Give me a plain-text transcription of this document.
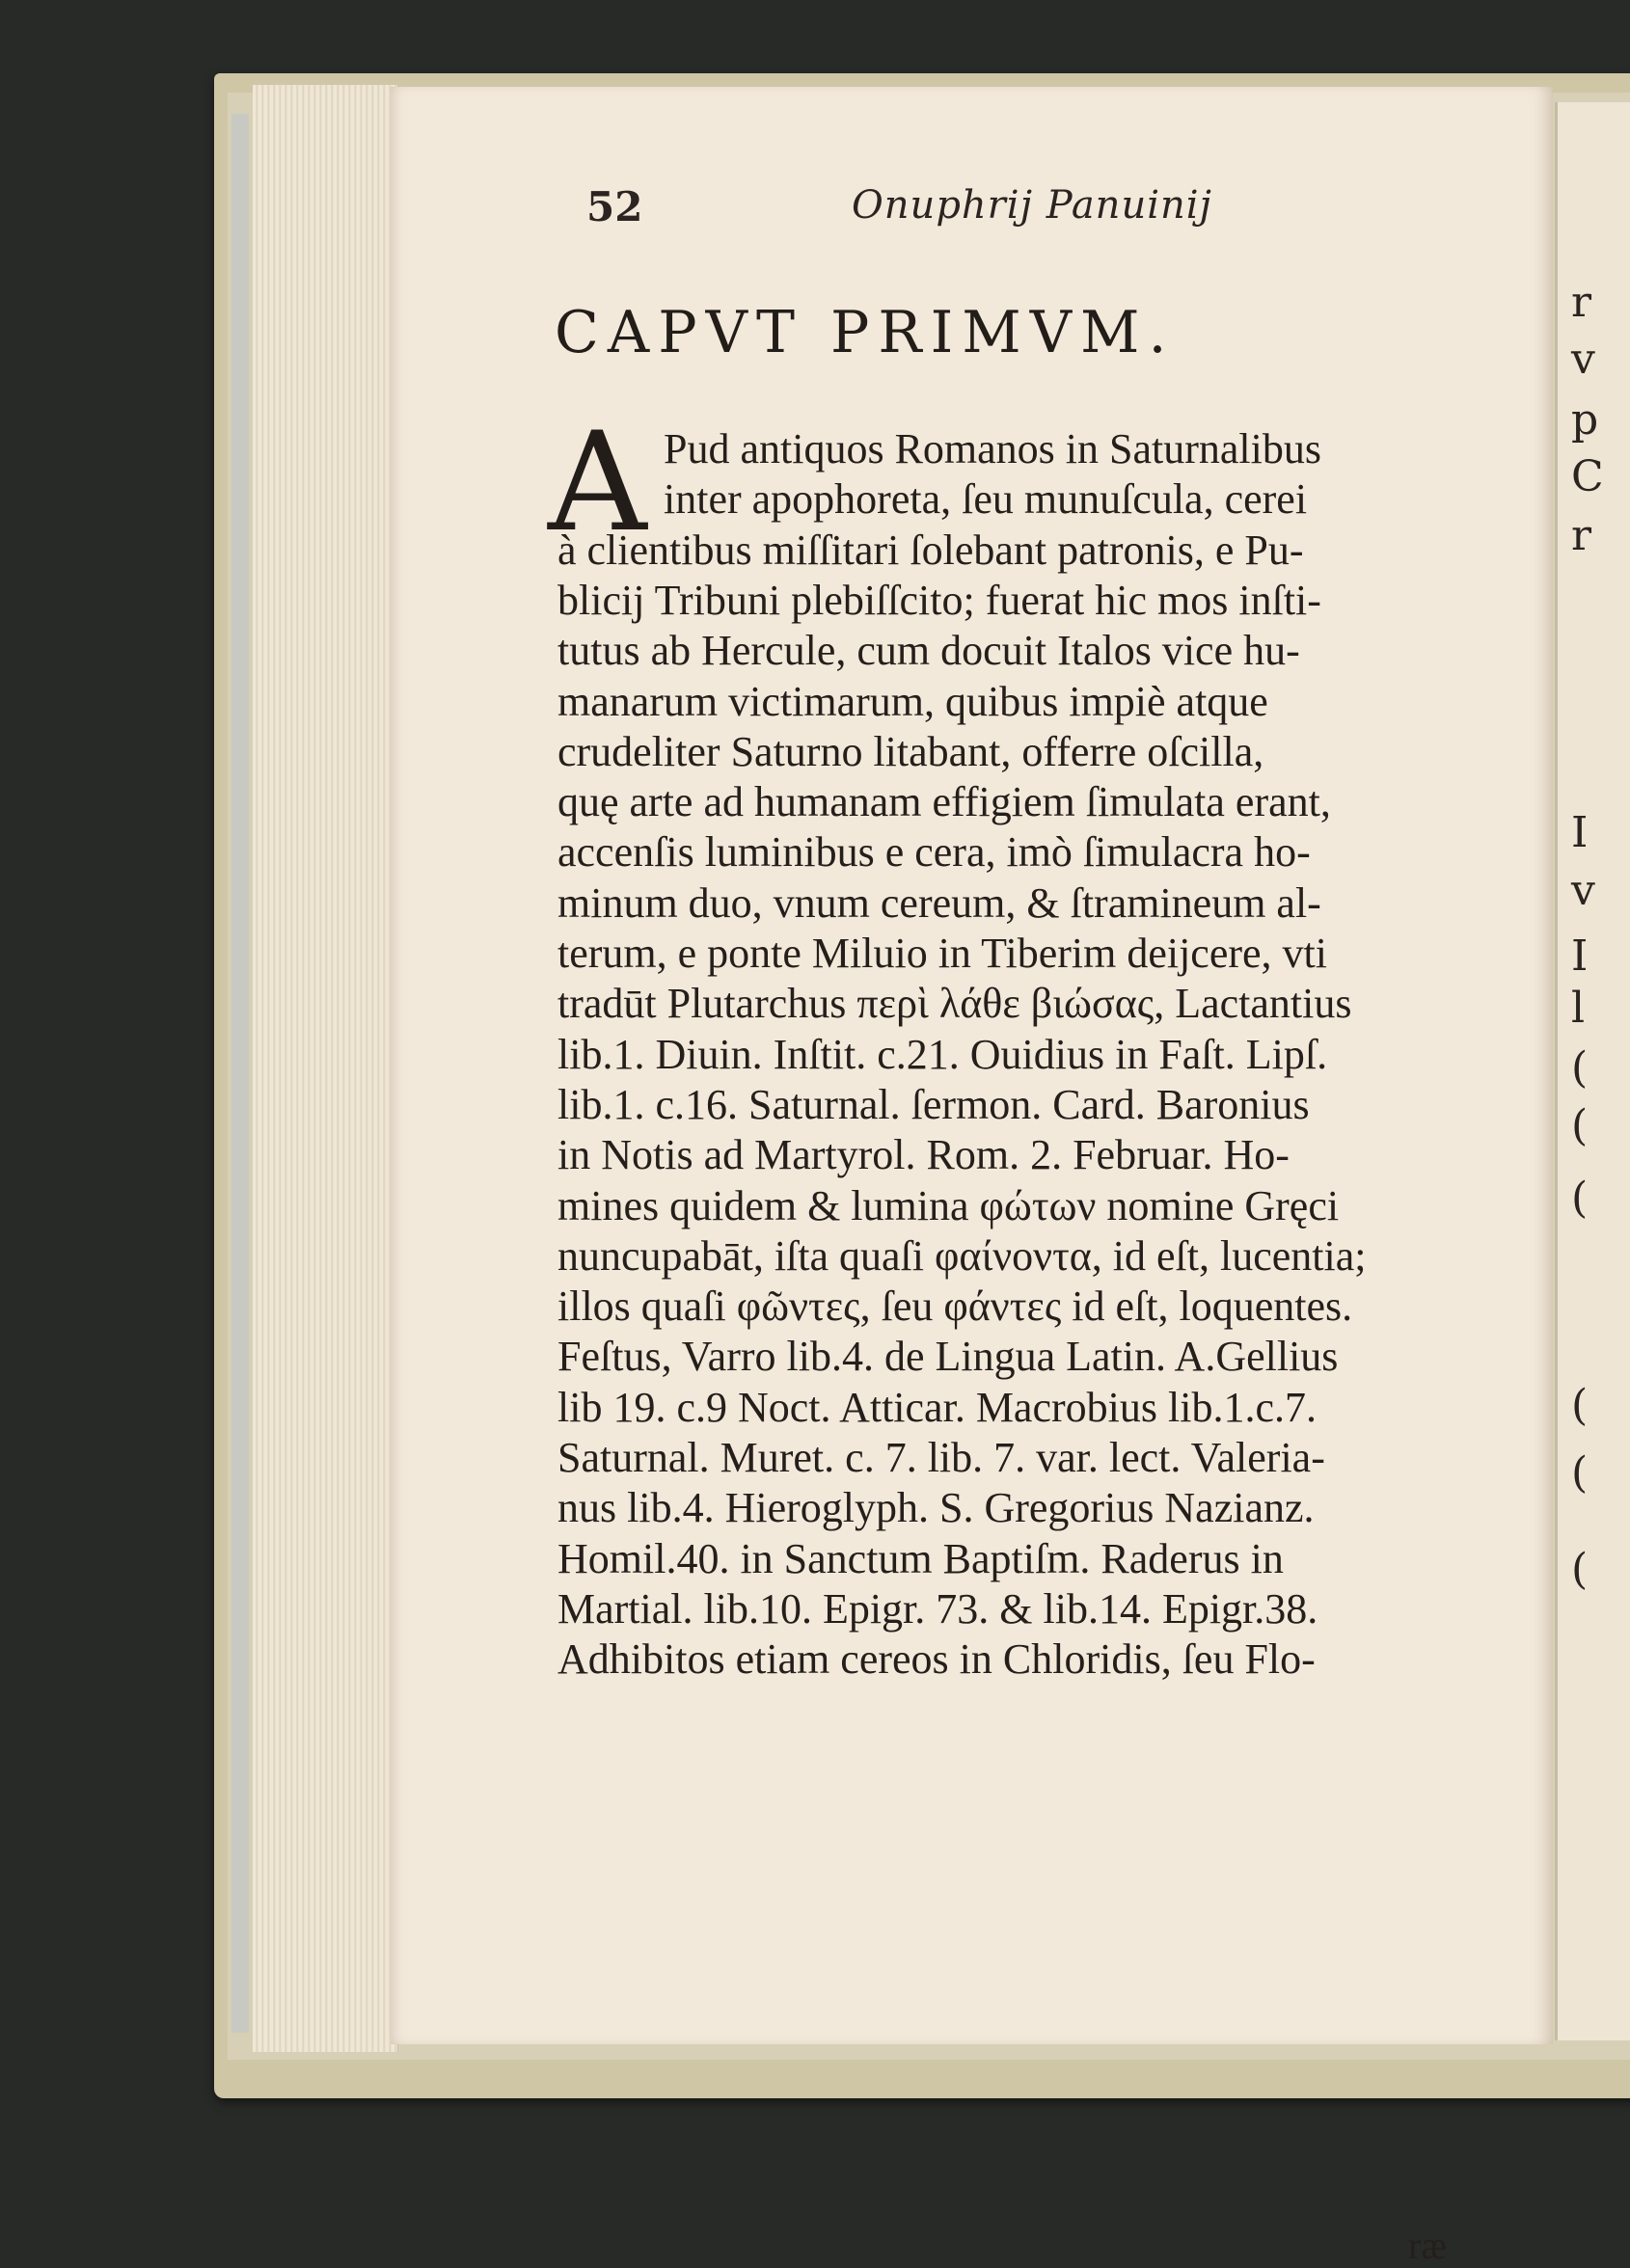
r
v
p
C
r
I
v
I
l
(
(
(
(
(
(
52	Onuphrij Panuinij
CAPVT PRIMVM.
A Pud antiquos Romanos in Saturnalibus
inter apophoreta, ſeu munuſcula, cerei
à clientibus miſſitari ſolebant patronis, e Pu-
blicij Tribuni plebiſſcito; fuerat hic mos inſti-
tutus ab Hercule, cum docuit Italos vice hu-
manarum victimarum, quibus impiè atque
crudeliter Saturno litabant, offerre oſcilla,
quę arte ad humanam effigiem ſimulata erant,
accenſis luminibus e cera, imò ſimulacra ho-
minum duo, vnum cereum, & ſtramineum al-
terum, e ponte Miluio in Tiberim deijcere, vti
tradūt Plutarchus περὶ λάθε βιώσας, Lactantius
lib.1. Diuin. Inſtit. c.21. Ouidius in Faſt. Lipſ.
lib.1. c.16. Saturnal. ſermon. Card. Baronius
in Notis ad Martyrol. Rom. 2. Februar. Ho-
mines quidem & lumina φώτων nomine Gręci
nuncupabāt, iſta quaſi φαίνοντα, id eſt, lucentia;
illos quaſi φῶντες, ſeu φάντες id eſt, loquentes.
Feſtus, Varro lib.4. de Lingua Latin. A.Gellius
lib 19. c.9 Noct. Atticar. Macrobius lib.1.c.7.
Saturnal. Muret. c. 7. lib. 7. var. lect. Valeria-
nus lib.4. Hieroglyph. S. Gregorius Nazianz.
Homil.40. in Sanctum Baptiſm. Raderus in
Martial. lib.10. Epigr. 73. & lib.14. Epigr.38.
Adhibitos etiam cereos in Chloridis, ſeu Flo-
ræ
